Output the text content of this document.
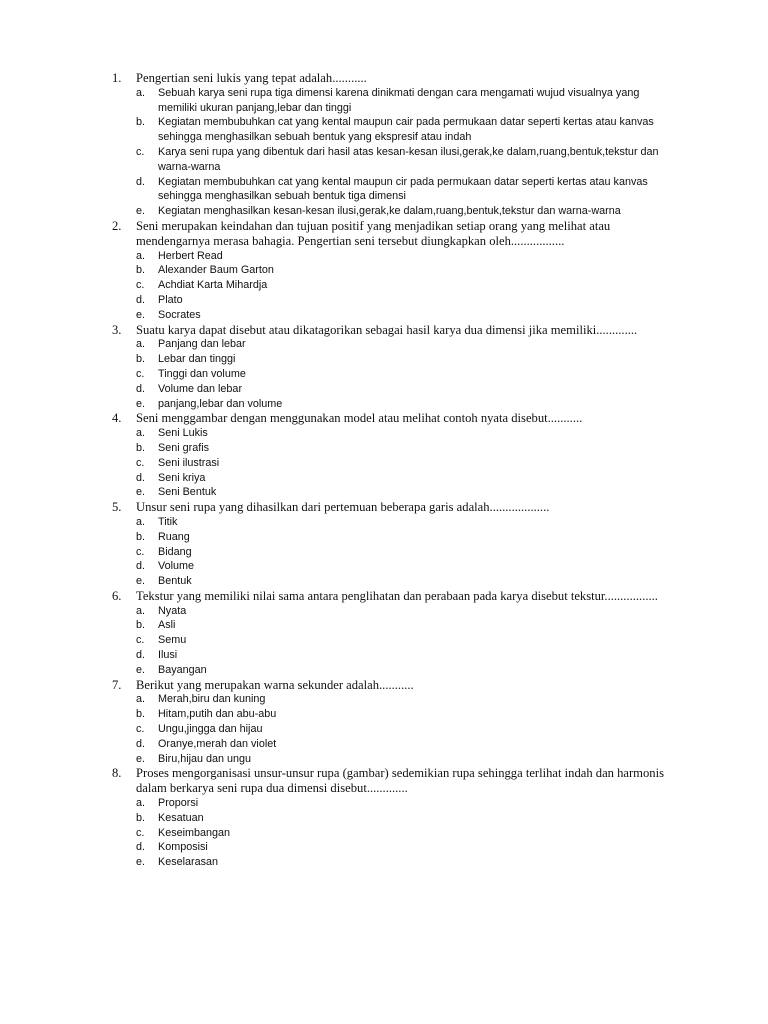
1. Pengertian seni lukis yang tepat adalah...........

a. Sebuah karya seni rupa tiga dimensi karena dinikmati dengan cara mengamati wujud visualnya yang memiliki ukuran panjang,lebar dan tinggi
b. Kegiatan membubuhkan cat yang kental maupun cair pada permukaan datar seperti kertas atau kanvas sehingga menghasilkan sebuah bentuk yang ekspresif atau indah
c. Karya seni rupa yang dibentuk dari hasil atas kesan-kesan ilusi,gerak,ke dalam,ruang,bentuk,tekstur dan warna-warna
d. Kegiatan membubuhkan cat yang kental maupun cir pada permukaan datar seperti kertas atau kanvas sehingga menghasilkan sebuah bentuk tiga dimensi
e. Kegiatan menghasilkan kesan-kesan ilusi,gerak,ke dalam,ruang,bentuk,tekstur dan warna-warna
2. Seni merupakan keindahan dan tujuan positif yang menjadikan setiap orang yang melihat atau mendengarnya merasa bahagia. Pengertian seni tersebut diungkapkan oleh.................

a. Herbert Read
b. Alexander Baum Garton
c. Achdiat Karta Mihardja
d. Plato
e. Socrates
3. Suatu karya dapat disebut atau dikatagorikan sebagai hasil karya dua dimensi jika memiliki.............

a. Panjang dan lebar
b. Lebar dan tinggi
c. Tinggi dan volume
d. Volume dan lebar
e. panjang,lebar dan volume
4. Seni menggambar dengan menggunakan model atau melihat contoh nyata disebut...........

a. Seni Lukis
b. Seni grafis
c. Seni ilustrasi
d. Seni kriya
e. Seni Bentuk
5. Unsur seni rupa yang dihasilkan dari pertemuan beberapa garis adalah...................

a. Titik
b. Ruang
c. Bidang
d. Volume
e. Bentuk
6. Tekstur yang memiliki nilai sama antara penglihatan dan perabaan pada karya disebut tekstur.................

a. Nyata
b. Asli
c. Semu
d. Ilusi
e. Bayangan
7. Berikut yang merupakan warna sekunder adalah...........

a. Merah,biru dan kuning
b. Hitam,putih dan abu-abu
c. Ungu,jingga dan hijau
d. Oranye,merah dan violet
e. Biru,hijau dan ungu
8. Proses mengorganisasi unsur-unsur rupa (gambar) sedemikian rupa sehingga terlihat indah dan harmonis dalam berkarya seni rupa dua dimensi disebut.............

a. Proporsi
b. Kesatuan
c. Keseimbangan
d. Komposisi
e. Keselarasan
